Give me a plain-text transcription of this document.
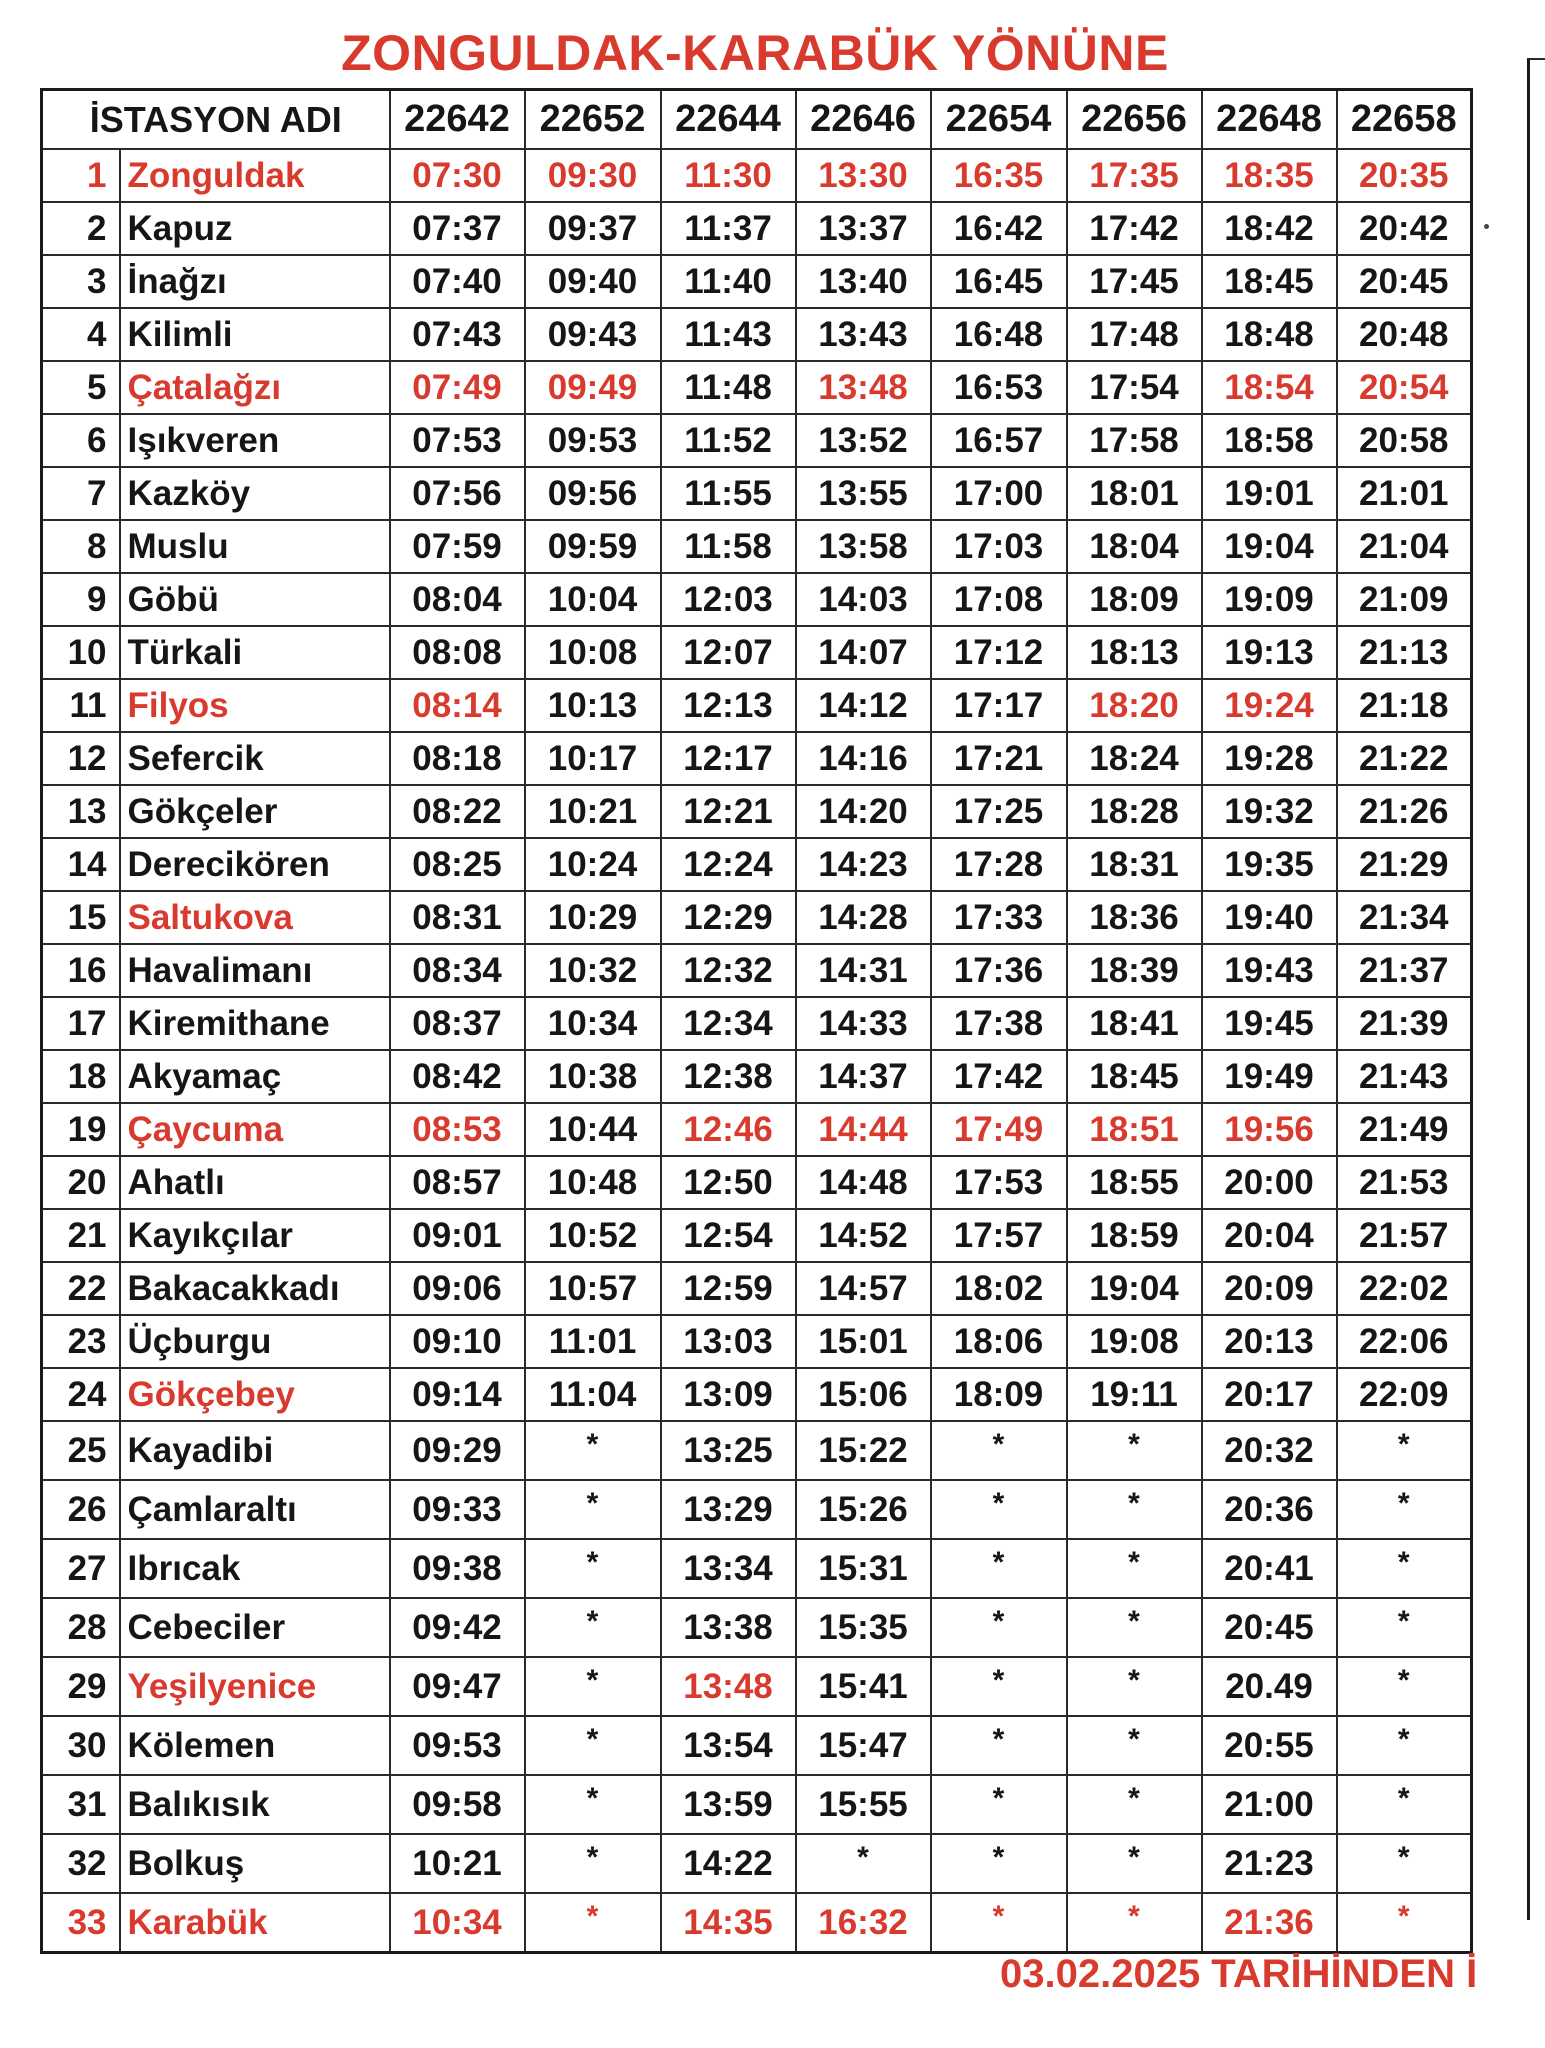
ZONGULDAK-KARABÜK YÖNÜNE
İSTASYON ADI		22642	22652	22644	22646	22654	22656	22648	22658
1	Zonguldak	07:30	09:30	11:30	13:30	16:35	17:35	18:35	20:35
2	Kapuz	07:37	09:37	11:37	13:37	16:42	17:42	18:42	20:42
3	İnağzı	07:40	09:40	11:40	13:40	16:45	17:45	18:45	20:45
4	Kilimli	07:43	09:43	11:43	13:43	16:48	17:48	18:48	20:48
5	Çatalağzı	07:49	09:49	11:48	13:48	16:53	17:54	18:54	20:54
6	Işıkveren	07:53	09:53	11:52	13:52	16:57	17:58	18:58	20:58
7	Kazköy	07:56	09:56	11:55	13:55	17:00	18:01	19:01	21:01
8	Muslu	07:59	09:59	11:58	13:58	17:03	18:04	19:04	21:04
9	Göbü	08:04	10:04	12:03	14:03	17:08	18:09	19:09	21:09
10	Türkali	08:08	10:08	12:07	14:07	17:12	18:13	19:13	21:13
11	Filyos	08:14	10:13	12:13	14:12	17:17	18:20	19:24	21:18
12	Sefercik	08:18	10:17	12:17	14:16	17:21	18:24	19:28	21:22
13	Gökçeler	08:22	10:21	12:21	14:20	17:25	18:28	19:32	21:26
14	Derecikören	08:25	10:24	12:24	14:23	17:28	18:31	19:35	21:29
15	Saltukova	08:31	10:29	12:29	14:28	17:33	18:36	19:40	21:34
16	Havalimanı	08:34	10:32	12:32	14:31	17:36	18:39	19:43	21:37
17	Kiremithane	08:37	10:34	12:34	14:33	17:38	18:41	19:45	21:39
18	Akyamaç	08:42	10:38	12:38	14:37	17:42	18:45	19:49	21:43
19	Çaycuma	08:53	10:44	12:46	14:44	17:49	18:51	19:56	21:49
20	Ahatlı	08:57	10:48	12:50	14:48	17:53	18:55	20:00	21:53
21	Kayıkçılar	09:01	10:52	12:54	14:52	17:57	18:59	20:04	21:57
22	Bakacakkadı	09:06	10:57	12:59	14:57	18:02	19:04	20:09	22:02
23	Üçburgu	09:10	11:01	13:03	15:01	18:06	19:08	20:13	22:06
24	Gökçebey	09:14	11:04	13:09	15:06	18:09	19:11	20:17	22:09
25	Kayadibi	09:29	*	13:25	15:22	*	*	20:32	*
26	Çamlaraltı	09:33	*	13:29	15:26	*	*	20:36	*
27	Ibrıcak	09:38	*	13:34	15:31	*	*	20:41	*
28	Cebeciler	09:42	*	13:38	15:35	*	*	20:45	*
29	Yeşilyenice	09:47	*	13:48	15:41	*	*	20.49	*
30	Kölemen	09:53	*	13:54	15:47	*	*	20:55	*
31	Balıkısık	09:58	*	13:59	15:55	*	*	21:00	*
32	Bolkuş	10:21	*	14:22	*	*	*	21:23	*
33	Karabük	10:34	*	14:35	16:32	*	*	21:36	*
03.02.2025 TARİHİNDEN İ
